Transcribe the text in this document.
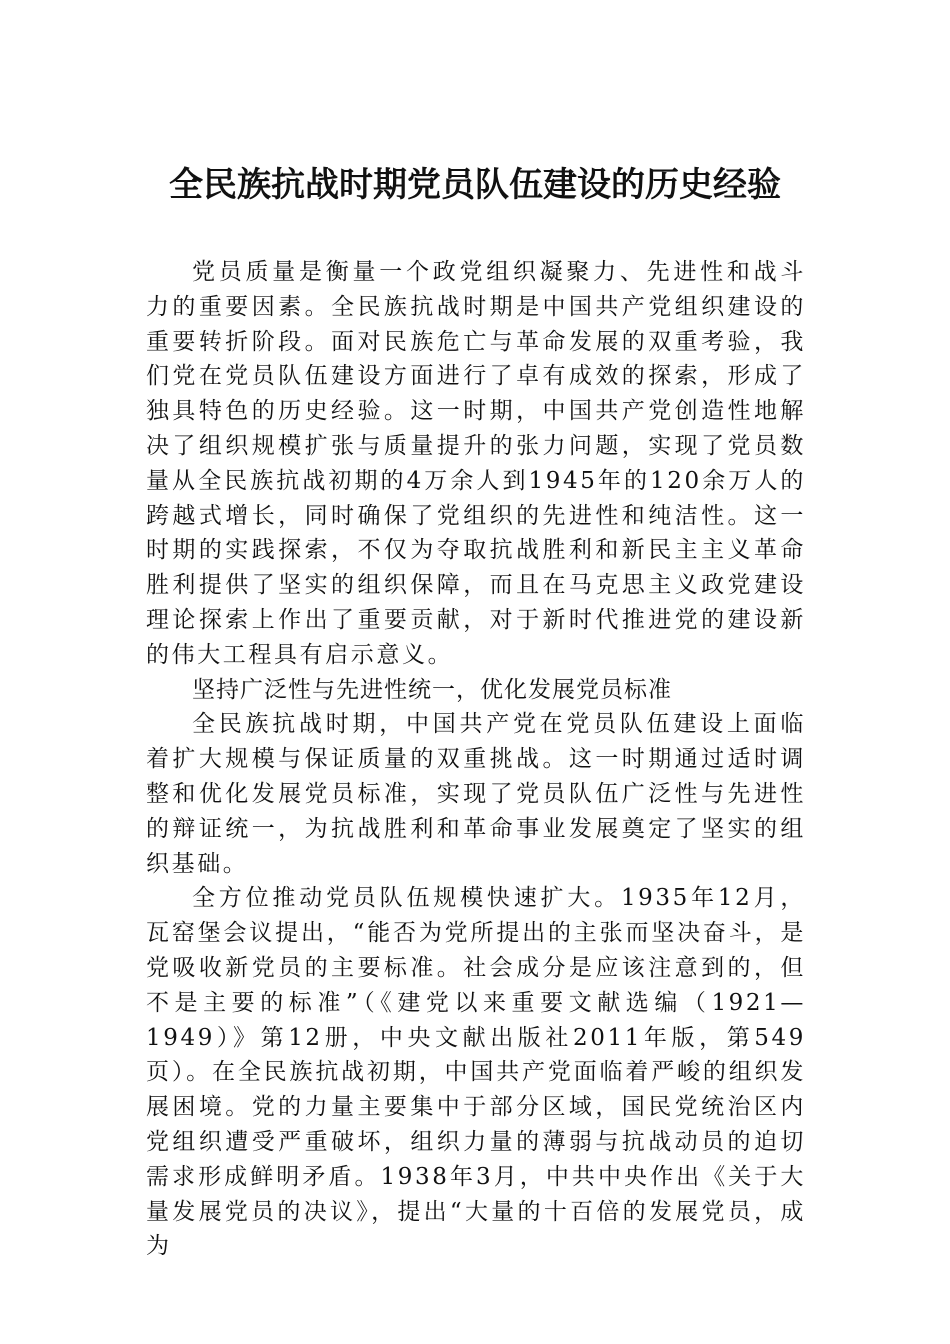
全民族抗战时期党员队伍建设的历史经验

党员质量是衡量一个政党组织凝聚力、先进性和战斗力的重要因素。全民族抗战时期是中国共产党组织建设的重要转折阶段。面对民族危亡与革命发展的双重考验，我们党在党员队伍建设方面进行了卓有成效的探索，形成了独具特色的历史经验。这一时期，中国共产党创造性地解决了组织规模扩张与质量提升的张力问题，实现了党员数量从全民族抗战初期的4万余人到1945年的120余万人的跨越式增长，同时确保了党组织的先进性和纯洁性。这一时期的实践探索，不仅为夺取抗战胜利和新民主主义革命胜利提供了坚实的组织保障，而且在马克思主义政党建设理论探索上作出了重要贡献，对于新时代推进党的建设新的伟大工程具有启示意义。

坚持广泛性与先进性统一，优化发展党员标准

全民族抗战时期，中国共产党在党员队伍建设上面临着扩大规模与保证质量的双重挑战。这一时期通过适时调整和优化发展党员标准，实现了党员队伍广泛性与先进性的辩证统一，为抗战胜利和革命事业发展奠定了坚实的组织基础。

全方位推动党员队伍规模快速扩大。1935年12月，瓦窑堡会议提出，“能否为党所提出的主张而坚决奋斗，是党吸收新党员的主要标准。社会成分是应该注意到的，但不是主要的标准”（《建党以来重要文献选编（1921—1949）》第12册，中央文献出版社2011年版，第549页）。在全民族抗战初期，中国共产党面临着严峻的组织发展困境。党的力量主要集中于部分区域，国民党统治区内党组织遭受严重破坏，组织力量的薄弱与抗战动员的迫切需求形成鲜明矛盾。1938年3月，中共中央作出《关于大量发展党员的决议》，提出“大量的十百倍的发展党员，成为
